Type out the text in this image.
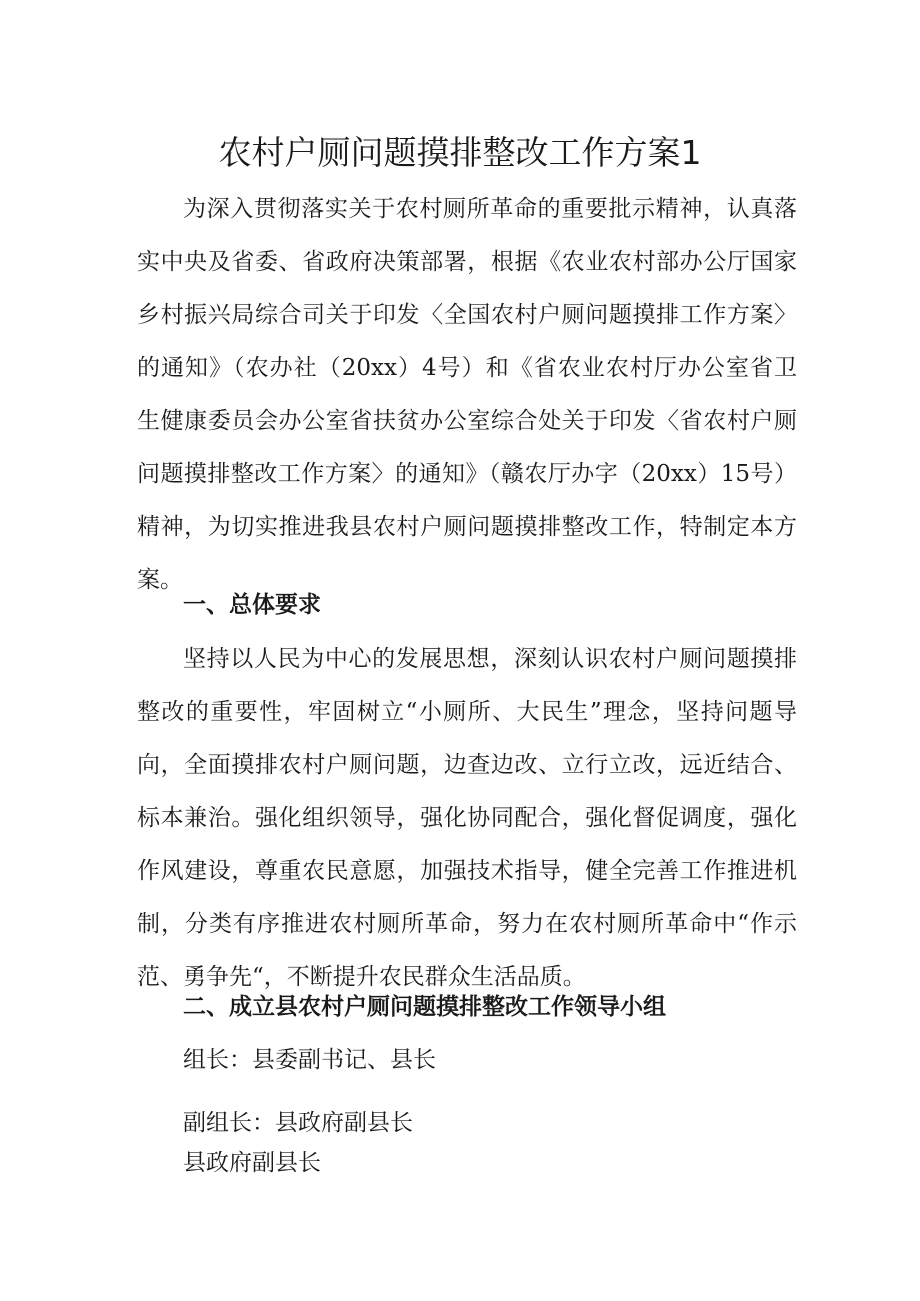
农村户厕问题摸排整改工作方案1
为深入贯彻落实关于农村厕所革命的重要批示精神，认真落
实中央及省委、省政府决策部署，根据《农业农村部办公厅国家
乡村振兴局综合司关于印发〈全国农村户厕问题摸排工作方案〉
的通知》（农办社（20xx）4号）和《省农业农村厅办公室省卫
生健康委员会办公室省扶贫办公室综合处关于印发〈省农村户厕
问题摸排整改工作方案〉的通知》（赣农厅办字（20xx）15号）
精神，为切实推进我县农村户厕问题摸排整改工作，特制定本方
案。
一、总体要求
坚持以人民为中心的发展思想，深刻认识农村户厕问题摸排
整改的重要性，牢固树立“小厕所、大民生”理念，坚持问题导
向，全面摸排农村户厕问题，边查边改、立行立改，远近结合、
标本兼治。强化组织领导，强化协同配合，强化督促调度，强化
作风建设，尊重农民意愿，加强技术指导，健全完善工作推进机
制，分类有序推进农村厕所革命，努力在农村厕所革命中“作示
范、勇争先“，不断提升农民群众生活品质。
二、成立县农村户厕问题摸排整改工作领导小组

组长：县委副书记、县长

副组长：县政府副县长

县政府副县长
